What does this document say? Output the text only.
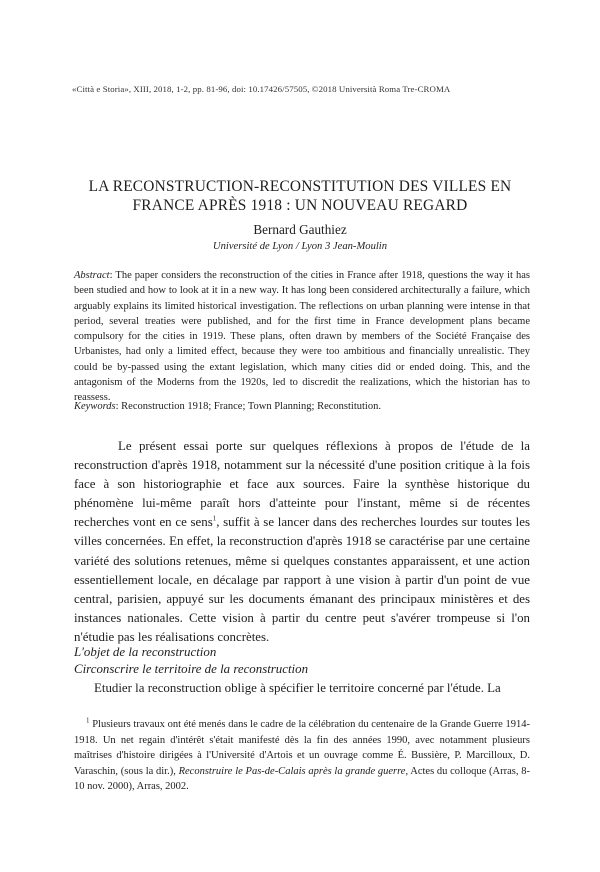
«Città e Storia», XIII, 2018, 1-2, pp. 81-96, doi: 10.17426/57505, ©2018 Università Roma Tre-CROMA
LA RECONSTRUCTION-RECONSTITUTION DES VILLES EN
FRANCE APRÈS 1918 : UN NOUVEAU REGARD
Bernard Gauthiez
Université de Lyon / Lyon 3 Jean-Moulin

Abstract: The paper considers the reconstruction of the cities in France after 1918, questions the way it has been studied and how to look at it in a new way. It has long been considered architecturally a failure, which arguably explains its limited historical investigation. The reflections on urban planning were intense in that period, several treaties were published, and for the first time in France development plans became compulsory for the cities in 1919. These plans, often drawn by members of the Société Française des Urbanistes, had only a limited effect, because they were too ambitious and financially unrealistic. They could be by-passed using the extant legislation, which many cities did or ended doing. This, and the antagonism of the Moderns from the 1920s, led to discredit the realizations, which the historian has to reassess.

Keywords: Reconstruction 1918; France; Town Planning; Reconstitution.

Le présent essai porte sur quelques réflexions à propos de l'étude de la reconstruction d'après 1918, notamment sur la nécessité d'une position critique à la fois face à son historiographie et face aux sources. Faire la synthèse historique du phénomène lui-même paraît hors d'atteinte pour l'instant, même si de récentes recherches vont en ce sens$^1$, suffit à se lancer dans des recherches lourdes sur toutes les villes concernées. En effet, la reconstruction d'après 1918 se caractérise par une certaine variété des solutions retenues, même si quelques constantes apparaissent, et une action essentiellement locale, en décalage par rapport à une vision à partir d'un point de vue central, parisien, appuyé sur les documents émanant des principaux ministères et des instances nationales. Cette vision à partir du centre peut s'avérer trompeuse si l'on n'étudie pas les réalisations concrètes.

L'objet de la reconstruction
Circonscrire le territoire de la reconstruction

Etudier la reconstruction oblige à spécifier le territoire concerné par l'étude. La

$^1$ Plusieurs travaux ont été menés dans le cadre de la célébration du centenaire de la Grande Guerre 1914-1918. Un net regain d'intérêt s'était manifesté dès la fin des années 1990, avec notamment plusieurs maîtrises d'histoire dirigées à l'Université d'Artois et un ouvrage comme É. Bussière, P. Marcilloux, D. Varaschin, (sous la dir.), Reconstruire le Pas-de-Calais après la grande guerre, Actes du colloque (Arras, 8-10 nov. 2000), Arras, 2002.
